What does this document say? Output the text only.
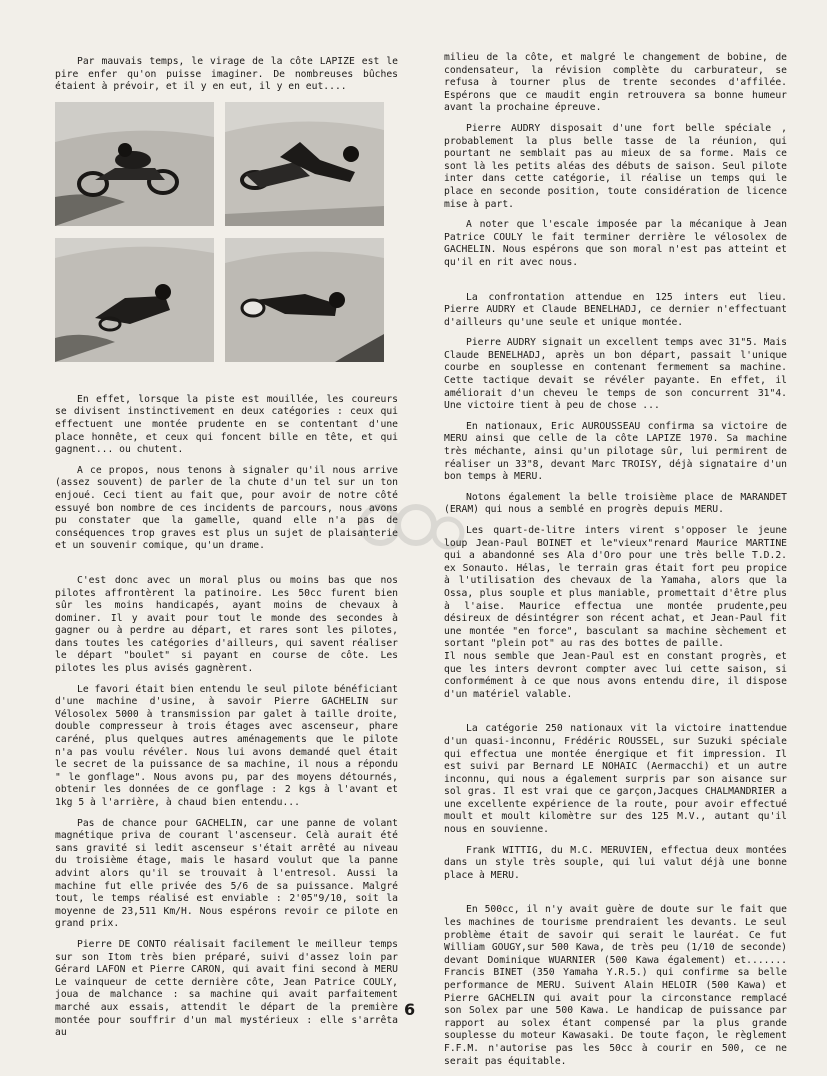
Par mauvais temps, le virage de la côte LAPIZE est le pire enfer qu'on puisse imaginer. De nombreuses bûches étaient à prévoir, et il y en eut, il y en eut....

En effet, lorsque la piste est mouillée, les coureurs se divisent instinctivement en deux catégories : ceux qui effectuent une montée prudente en se contentant d'une place honnête, et ceux qui foncent bille en tête, et qui gagnent... ou chutent.

A ce propos, nous tenons à signaler qu'il nous arrive (assez souvent) de parler de la chute d'un tel sur un ton enjoué. Ceci tient au fait que, pour avoir de notre côté essuyé bon nombre de ces incidents de parcours, nous avons pu constater que la gamelle, quand elle n'a pas de conséquences trop graves est plus un sujet de plaisanterie et un souvenir comique, qu'un drame.

C'est donc avec un moral plus ou moins bas que nos pilotes affrontèrent la patinoire. Les 50cc furent bien sûr les moins handicapés, ayant moins de chevaux à dominer. Il y avait pour tout le monde des secondes à gagner ou à perdre au départ, et rares sont les pilotes, dans toutes les catégories d'ailleurs, qui savent réaliser le départ "boulet" si payant en course de côte. Les pilotes les plus avisés gagnèrent.

Le favori était bien entendu le seul pilote bénéficiant d'une machine d'usine, à savoir Pierre GACHELIN sur Vélosolex 5000 à transmission par galet à taille droite, double compresseur à trois étages avec ascenseur, phare caréné, plus quelques autres aménagements que le pilote n'a pas voulu révéler. Nous lui avons demandé quel était le secret de la puissance de sa machine, il nous a répondu " le gonflage". Nous avons pu, par des moyens détournés, obtenir les données de ce gonflage : 2 kgs à l'avant et 1kg 5 à l'arrière, à chaud bien entendu...

Pas de chance pour GACHELIN, car une panne de volant magnétique priva de courant l'ascenseur. Celà aurait été sans gravité si ledit ascenseur s'était arrêté au niveau du troisième étage, mais le hasard voulut que la panne advint alors qu'il se trouvait à l'entresol. Aussi la machine fut elle privée des 5/6 de sa puissance. Malgré tout, le temps réalisé est enviable : 2'05"9/10, soit la moyenne de 23,511 Km/H. Nous espérons revoir ce pilote en grand prix.

Pierre DE CONTO réalisait facilement le meilleur temps sur son Itom très bien préparé, suivi d'assez loin par Gérard LAFON et Pierre CARON, qui avait fini second à MERU Le vainqueur de cette dernière côte, Jean Patrice COULY, joua de malchance : sa machine qui avait parfaitement marché aux essais, attendit le départ de la première montée pour souffrir d'un mal mystérieux : elle s'arrêta au

milieu de la côte, et malgré le changement de bobine, de condensateur, la révision complète du carburateur, se refusa à tourner plus de trente secondes d'affilée. Espérons que ce maudit engin retrouvera sa bonne humeur avant la prochaine épreuve.

Pierre AUDRY disposait d'une fort belle spéciale , probablement la plus belle tasse de la réunion, qui pourtant ne semblait pas au mieux de sa forme. Mais ce sont là les petits aléas des débuts de saison. Seul pilote inter dans cette catégorie, il réalise un temps qui le place en seconde position, toute considération de licence mise à part.

A noter que l'escale imposée par la mécanique à Jean Patrice COULY le fait terminer derrière le vélosolex de GACHELIN. Nous espérons que son moral n'est pas atteint et qu'il en rit avec nous.

La confrontation attendue en 125 inters eut lieu. Pierre AUDRY et Claude BENELHADJ, ce dernier n'effectuant d'ailleurs qu'une seule et unique montée.

Pierre AUDRY signait un excellent temps avec 31"5. Mais Claude BENELHADJ, après un bon départ, passait l'unique courbe en souplesse en contenant fermement sa machine. Cette tactique devait se révéler payante. En effet, il améliorait d'un cheveu le temps de son concurrent 31"4. Une victoire tient à peu de chose ...

En nationaux, Eric AUROUSSEAU confirma sa victoire de MERU ainsi que celle de la côte LAPIZE 1970. Sa machine très méchante, ainsi qu'un pilotage sûr, lui permirent de réaliser un 33"8, devant Marc TROISY, déjà signataire d'un bon temps à MERU.

Notons également la belle troisième place de MARANDET (ERAM) qui nous a semblé en progrès depuis MERU.

Les quart-de-litre inters virent s'opposer le jeune loup Jean-Paul BOINET et le"vieux"renard Maurice MARTINE qui a abandonné ses Ala d'Oro pour une très belle T.D.2. ex Sonauto. Hélas, le terrain gras était fort peu propice à l'utilisation des chevaux de la Yamaha, alors que la Ossa, plus souple et plus maniable, promettait d'être plus à l'aise. Maurice effectua une montée prudente,peu désireux de désintégrer son récent achat, et Jean-Paul fit une montée "en force", basculant sa machine sèchement et sortant "plein pot" au ras des bottes de paille.

Il nous semble que Jean-Paul est en constant progrès, et que les inters devront compter avec lui cette saison, si conformément à ce que nous avons entendu dire, il dispose d'un matériel valable.

La catégorie 250 nationaux vit la victoire inattendue d'un quasi-inconnu, Frédéric ROUSSEL, sur Suzuki spéciale qui effectua une montée énergique et fit impression. Il est suivi par Bernard LE NOHAIC (Aermacchi) et un autre inconnu, qui nous a également surpris par son aisance sur sol gras. Il est vrai que ce garçon,Jacques CHALMANDRIER a une excellente expérience de la route, pour avoir effectué moult et moult kilomètre sur des 125 M.V., autant qu'il nous en souvienne.

Frank WITTIG, du M.C. MERUVIEN, effectua deux montées dans un style très souple, qui lui valut déjà une bonne place à MERU.

En 500cc, il n'y avait guère de doute sur le fait que les machines de tourisme prendraient les devants. Le seul problème était de savoir qui serait le lauréat. Ce fut William GOUGY,sur 500 Kawa, de très peu (1/10 de seconde) devant Dominique WUARNIER (500 Kawa également) et....... Francis BINET (350 Yamaha Y.R.5.) qui confirme sa belle performance de MERU. Suivent Alain HELOIR (500 Kawa) et Pierre GACHELIN qui avait pour la circonstance remplacé son Solex par une 500 Kawa. Le handicap de puissance par rapport au solex étant compensé par la plus grande souplesse du moteur Kawasaki. De toute façon, le règlement F.F.M. n'autorise pas les 50cc à courir en 500, ce ne serait pas équitable.

6
